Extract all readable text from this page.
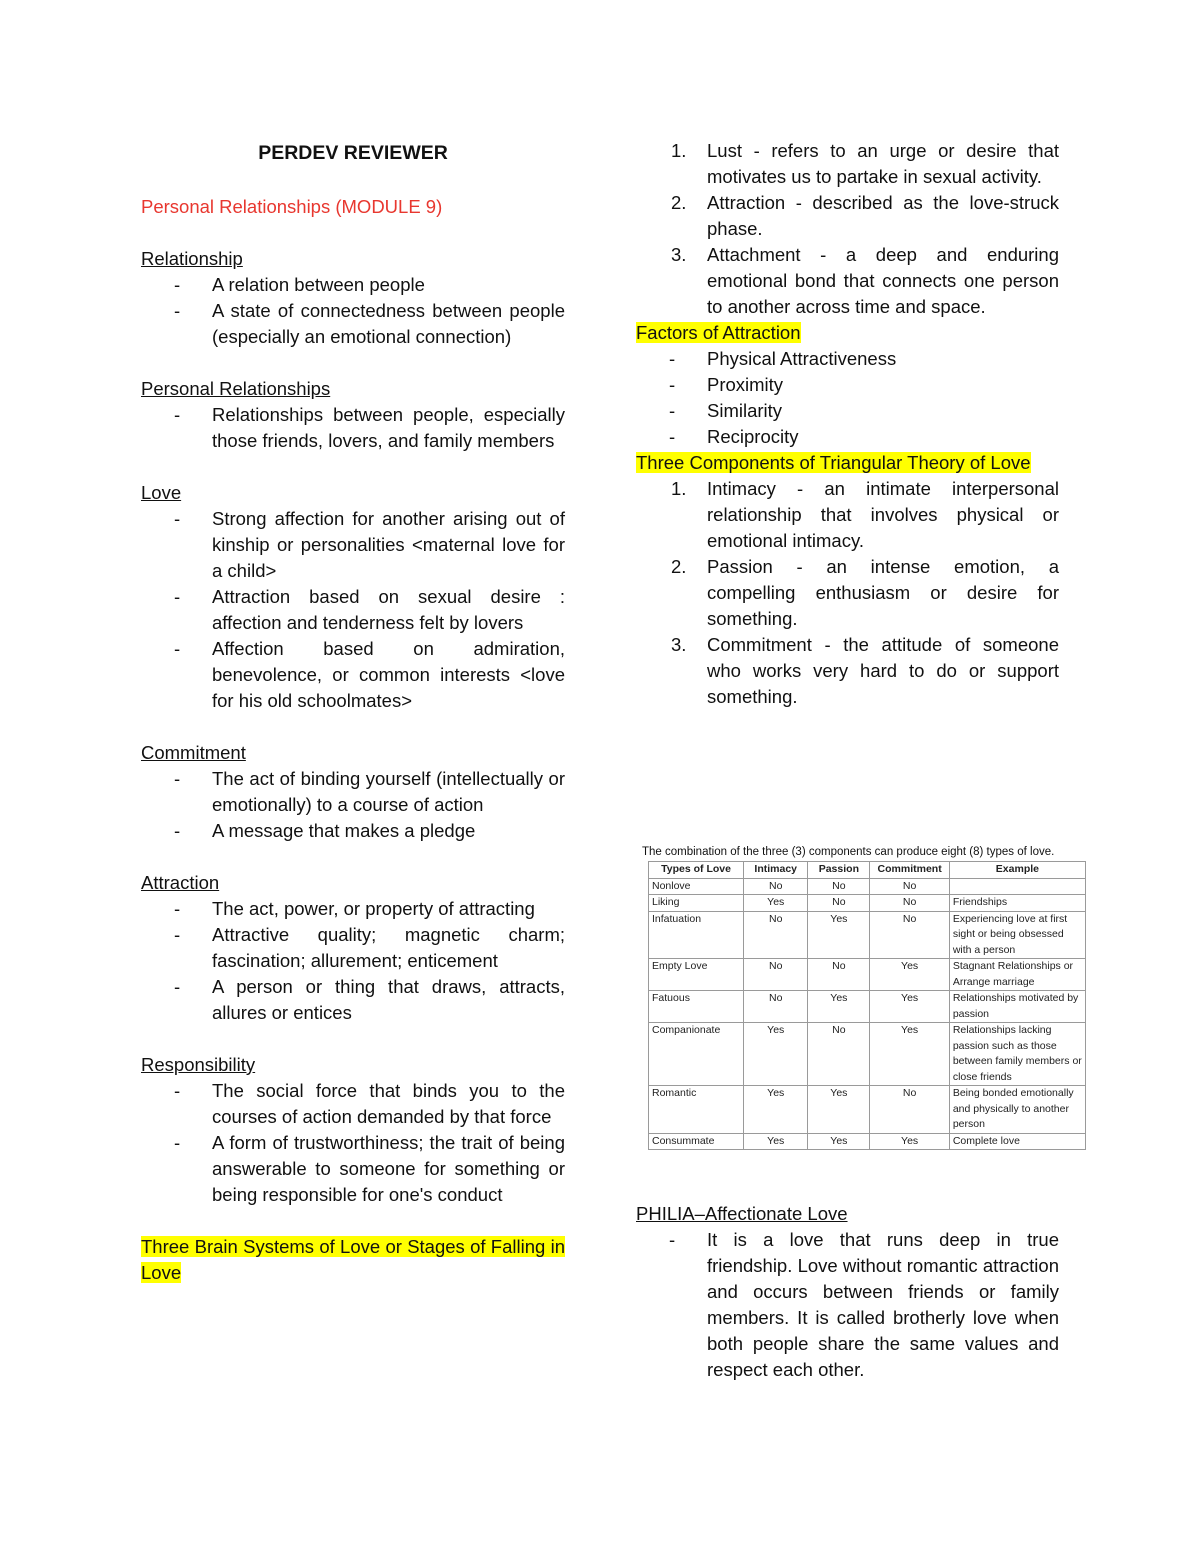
PERDEV REVIEWER

Personal Relationships (MODULE 9)

Relationship

- A relation between people
- A state of connectedness between people (especially an emotional connection)

Personal Relationships

- Relationships between people, especially those friends, lovers, and family members

Love

- Strong affection for another arising out of kinship or personalities <maternal love for a child>
- Attraction based on sexual desire : affection and tenderness felt by lovers
- Affection based on admiration, benevolence, or common interests <love for his old schoolmates>

Commitment

- The act of binding yourself (intellectually or emotionally) to a course of action
- A message that makes a pledge

Attraction

- The act, power, or property of attracting
- Attractive quality; magnetic charm; fascination; allurement; enticement
- A person or thing that draws, attracts, allures or entices

Responsibility

- The social force that binds you to the courses of action demanded by that force
- A form of trustworthiness; the trait of being answerable to someone for something or being responsible for one's conduct

Three Brain Systems of Love or Stages of Falling in Love

1. Lust - refers to an urge or desire that motivates us to partake in sexual activity.
2. Attraction - described as the love-struck phase.
3. Attachment - a deep and enduring emotional bond that connects one person to another across time and space.

Factors of Attraction

- Physical Attractiveness
- Proximity
- Similarity
- Reciprocity

Three Components of Triangular Theory of Love

1. Intimacy - an intimate interpersonal relationship that involves physical or emotional intimacy.
2. Passion - an intense emotion, a compelling enthusiasm or desire for something.
3. Commitment - the attitude of someone who works very hard to do or support something.

The combination of the three (3) components can produce eight (8) types of love.

Types of Love	Intimacy	Passion	Commitment	Example
Nonlove	No	No	No	
Liking	Yes	No	No	Friendships
Infatuation	No	Yes	No	Experiencing love at first sight or being obsessed with a person
Empty Love	No	No	Yes	Stagnant Relationships or Arrange marriage
Fatuous	No	Yes	Yes	Relationships motivated by passion
Companionate	Yes	No	Yes	Relationships lacking passion such as those between family members or close friends
Romantic	Yes	Yes	No	Being bonded emotionally and physically to another person
Consummate	Yes	Yes	Yes	Complete love

PHILIA–Affectionate Love

- It is a love that runs deep in true friendship. Love without romantic attraction and occurs between friends or family members. It is called brotherly love when both people share the same values and respect each other.
